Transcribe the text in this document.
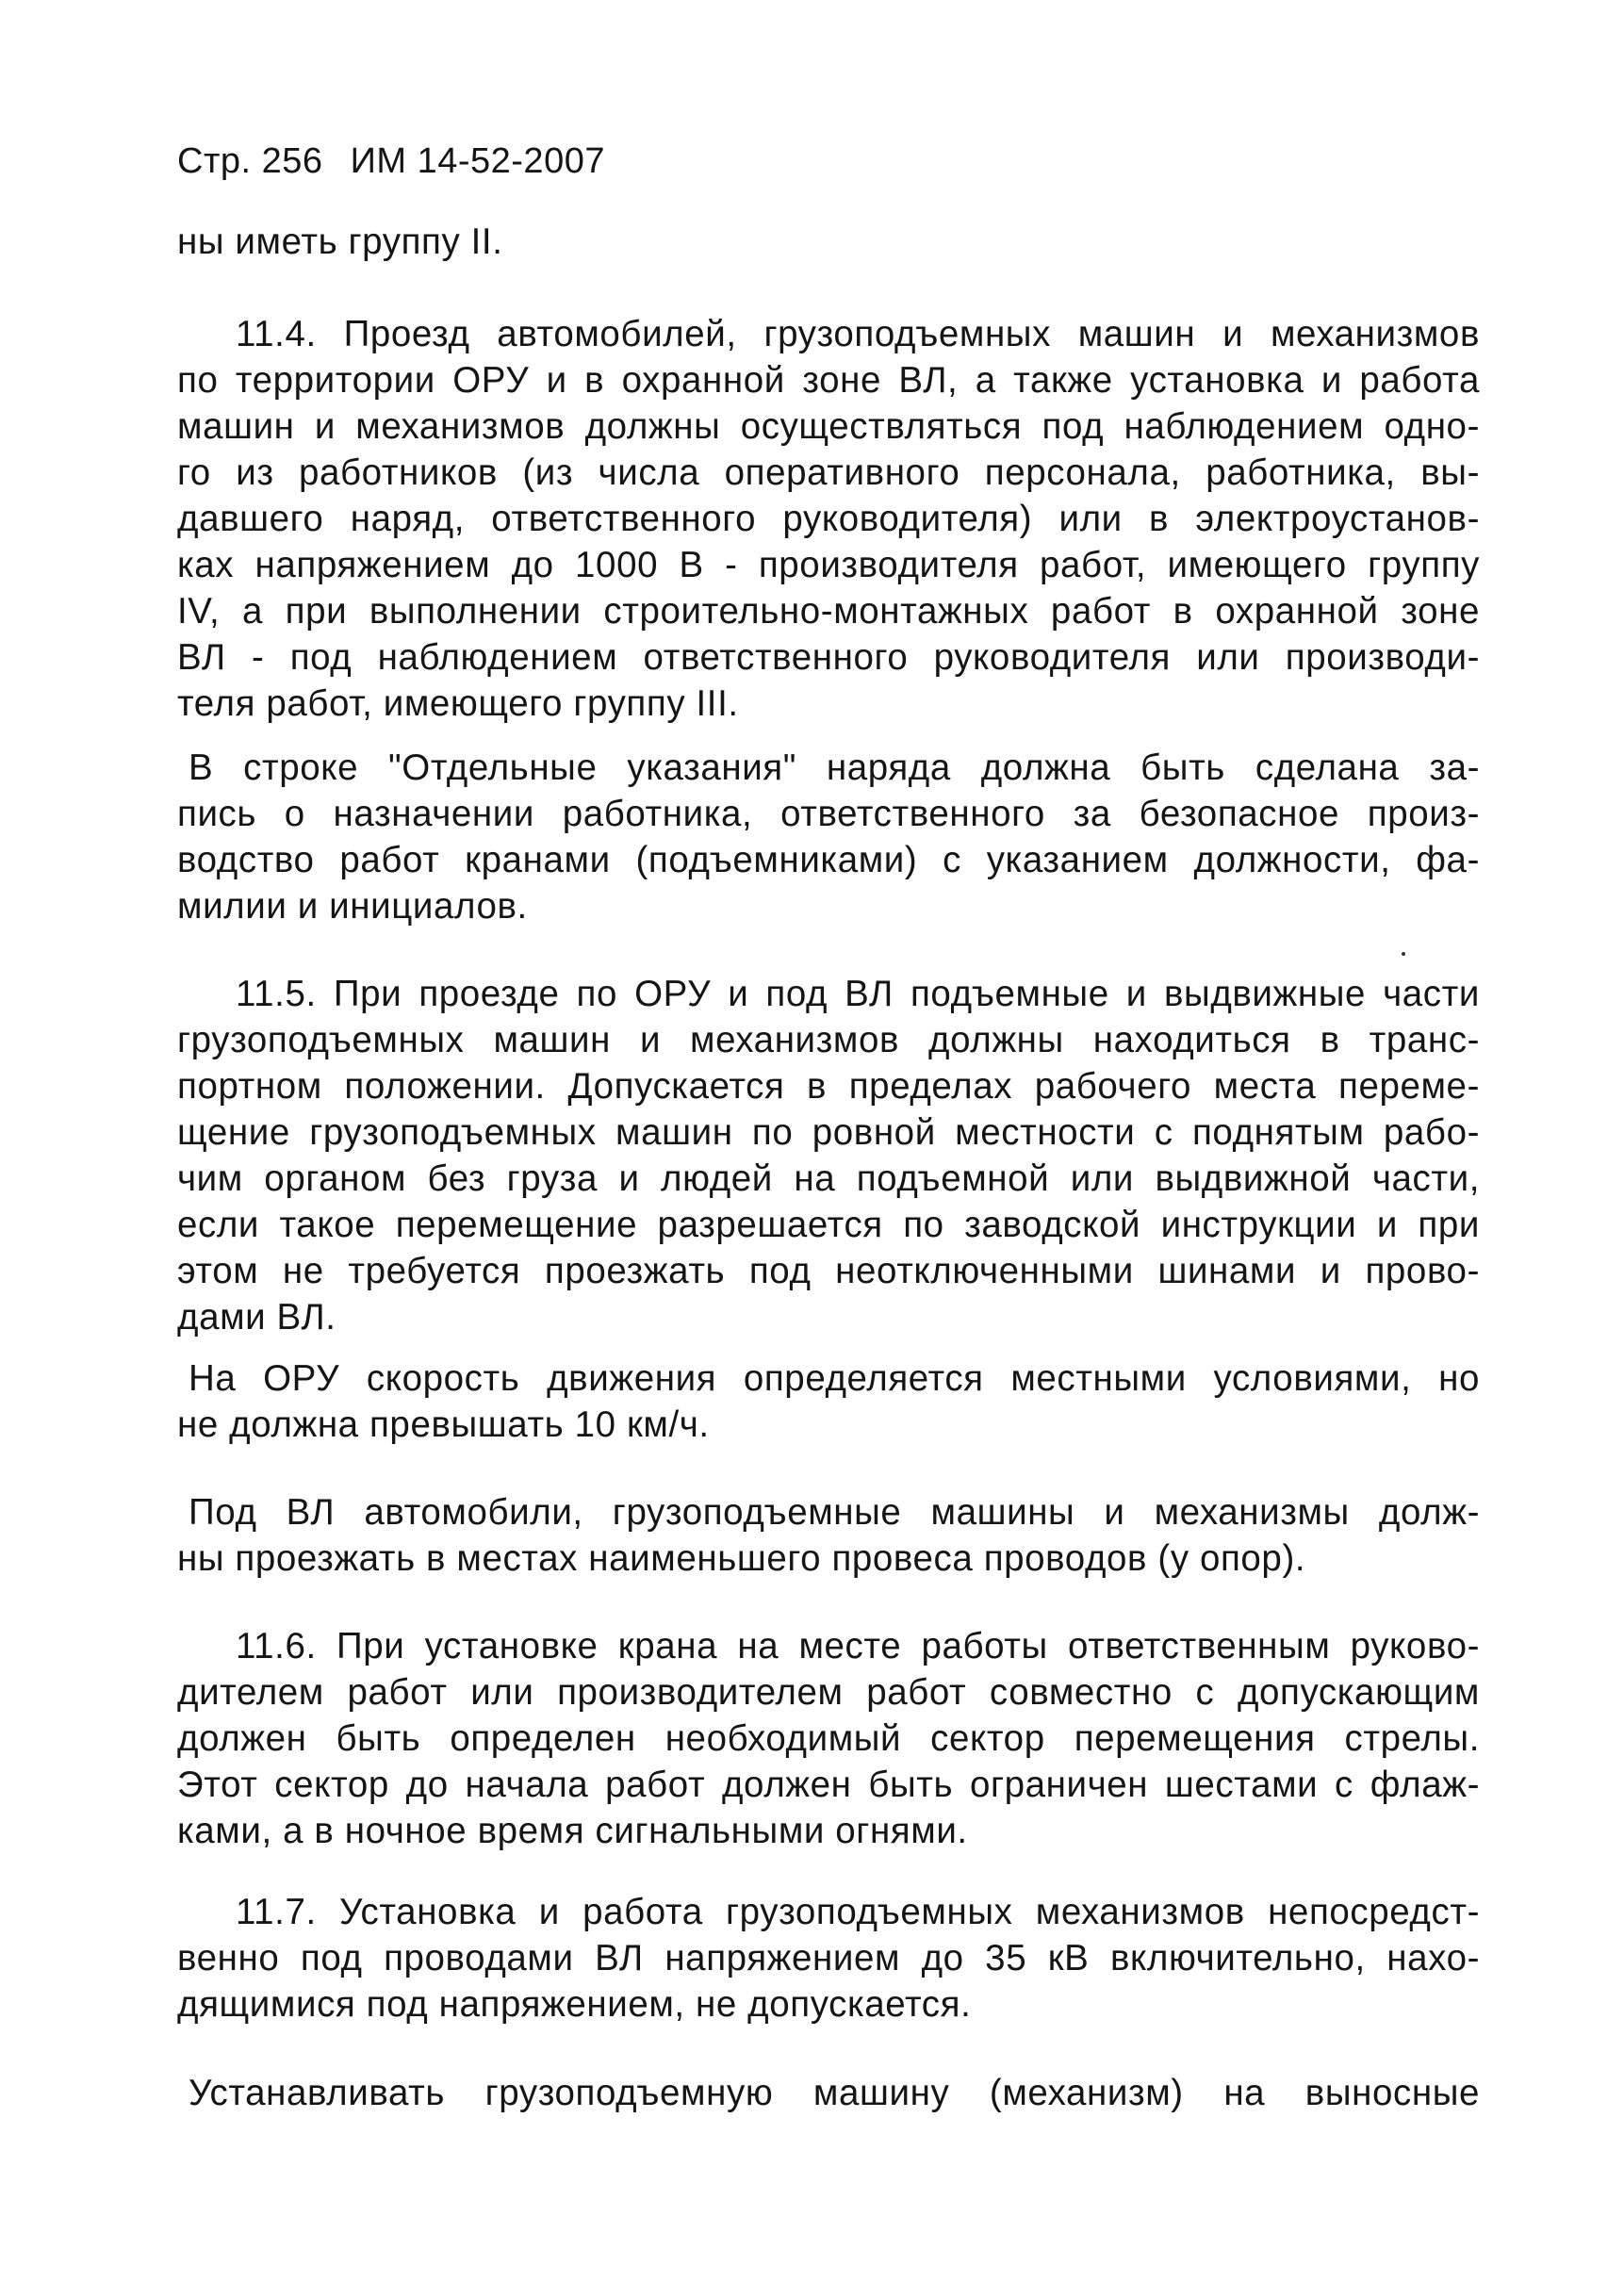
Стр. 256 ИМ 14-52-2007
ны иметь группу II.
11.4. Проезд автомобилей, грузоподъемных машин и механизмов
по территории ОРУ и в охранной зоне ВЛ, а также установка и работа
машин и механизмов должны осуществляться под наблюдением одно-
го из работников (из числа оперативного персонала, работника, вы-
давшего наряд, ответственного руководителя) или в электроустанов-
ках напряжением до 1000 В - производителя работ, имеющего группу
IV, а при выполнении строительно-монтажных работ в охранной зоне
ВЛ - под наблюдением ответственного руководителя или производи-
теля работ, имеющего группу III.
В строке "Отдельные указания" наряда должна быть сделана за-
пись о назначении работника, ответственного за безопасное произ-
водство работ кранами (подъемниками) с указанием должности, фа-
милии и инициалов.
11.5. При проезде по ОРУ и под ВЛ подъемные и выдвижные части
грузоподъемных машин и механизмов должны находиться в транс-
портном положении. Допускается в пределах рабочего места переме-
щение грузоподъемных машин по ровной местности с поднятым рабо-
чим органом без груза и людей на подъемной или выдвижной части,
если такое перемещение разрешается по заводской инструкции и при
этом не требуется проезжать под неотключенными шинами и прово-
дами ВЛ.
На ОРУ скорость движения определяется местными условиями, но
не должна превышать 10 км/ч.
Под ВЛ автомобили, грузоподъемные машины и механизмы долж-
ны проезжать в местах наименьшего провеса проводов (у опор).
11.6. При установке крана на месте работы ответственным руково-
дителем работ или производителем работ совместно с допускающим
должен быть определен необходимый сектор перемещения стрелы.
Этот сектор до начала работ должен быть ограничен шестами с флаж-
ками, а в ночное время сигнальными огнями.
11.7. Установка и работа грузоподъемных механизмов непосредст-
венно под проводами ВЛ напряжением до 35 кВ включительно, нахо-
дящимися под напряжением, не допускается.
Устанавливать грузоподъемную машину (механизм) на выносные
